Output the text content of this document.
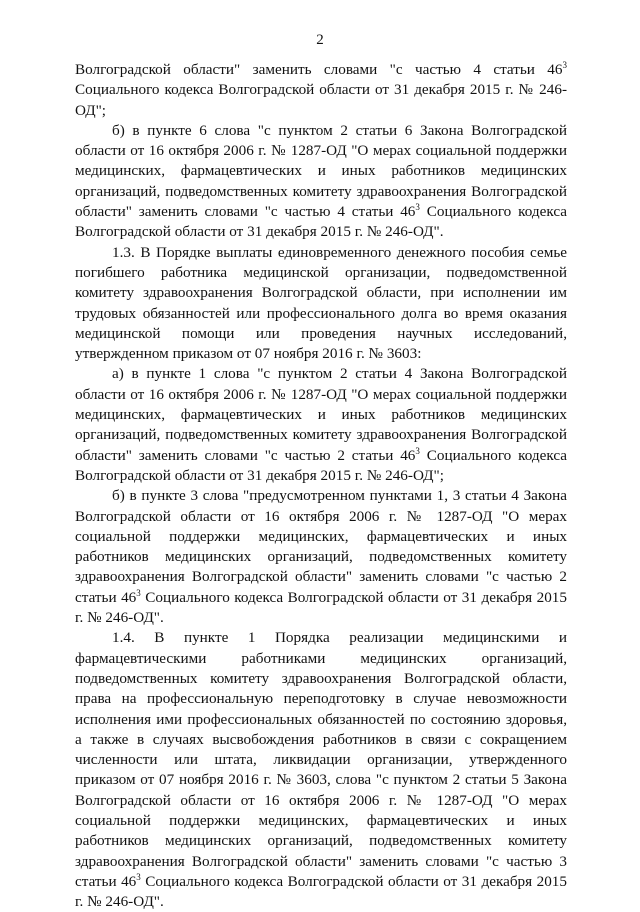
2

Волгоградской области" заменить словами "с частью 4 статьи $46^3$ Социального кодекса Волгоградской области от 31 декабря 2015 г. № 246-ОД";

б) в пункте 6 слова "с пунктом 2 статьи 6 Закона Волгоградской области от 16 октября 2006 г. № 1287-ОД "О мерах социальной поддержки медицинских, фармацевтических и иных работников медицинских организаций, подведомственных комитету здравоохранения Волгоградской области" заменить словами "с частью 4 статьи $46^3$ Социального кодекса Волгоградской области от 31 декабря 2015 г. № 246-ОД".

1.3. В Порядке выплаты единовременного денежного пособия семье погибшего работника медицинской организации, подведомственной комитету здравоохранения Волгоградской области, при исполнении им трудовых обязанностей или профессионального долга во время оказания медицинской помощи или проведения научных исследований, утвержденном приказом от 07 ноября 2016 г. № 3603:

а) в пункте 1 слова "с пунктом 2 статьи 4 Закона Волгоградской области от 16 октября 2006 г. № 1287-ОД "О мерах социальной поддержки медицинских, фармацевтических и иных работников медицинских организаций, подведомственных комитету здравоохранения Волгоградской области" заменить словами "с частью 2 статьи $46^3$ Социального кодекса Волгоградской области от 31 декабря 2015 г. № 246-ОД";

б) в пункте 3 слова "предусмотренном пунктами 1, 3 статьи 4 Закона Волгоградской области от 16 октября 2006 г. № 1287-ОД "О мерах социальной поддержки медицинских, фармацевтических и иных работников медицинских организаций, подведомственных комитету здравоохранения Волгоградской области" заменить словами "с частью 2 статьи $46^3$ Социального кодекса Волгоградской области от 31 декабря 2015 г. № 246-ОД".

1.4. В пункте 1 Порядка реализации медицинскими и фармацевтическими работниками медицинских организаций, подведомственных комитету здравоохранения Волгоградской области, права на профессиональную переподготовку в случае невозможности исполнения ими профессиональных обязанностей по состоянию здоровья, а также в случаях высвобождения работников в связи с сокращением численности или штата, ликвидации организации, утвержденного приказом от 07 ноября 2016 г. № 3603, слова "с пунктом 2 статьи 5 Закона Волгоградской области от 16 октября 2006 г. № 1287-ОД "О мерах социальной поддержки медицинских, фармацевтических и иных работников медицинских организаций, подведомственных комитету здравоохранения Волгоградской области" заменить словами "с частью 3 статьи $46^3$ Социального кодекса Волгоградской области от 31 декабря 2015 г. № 246-ОД".
